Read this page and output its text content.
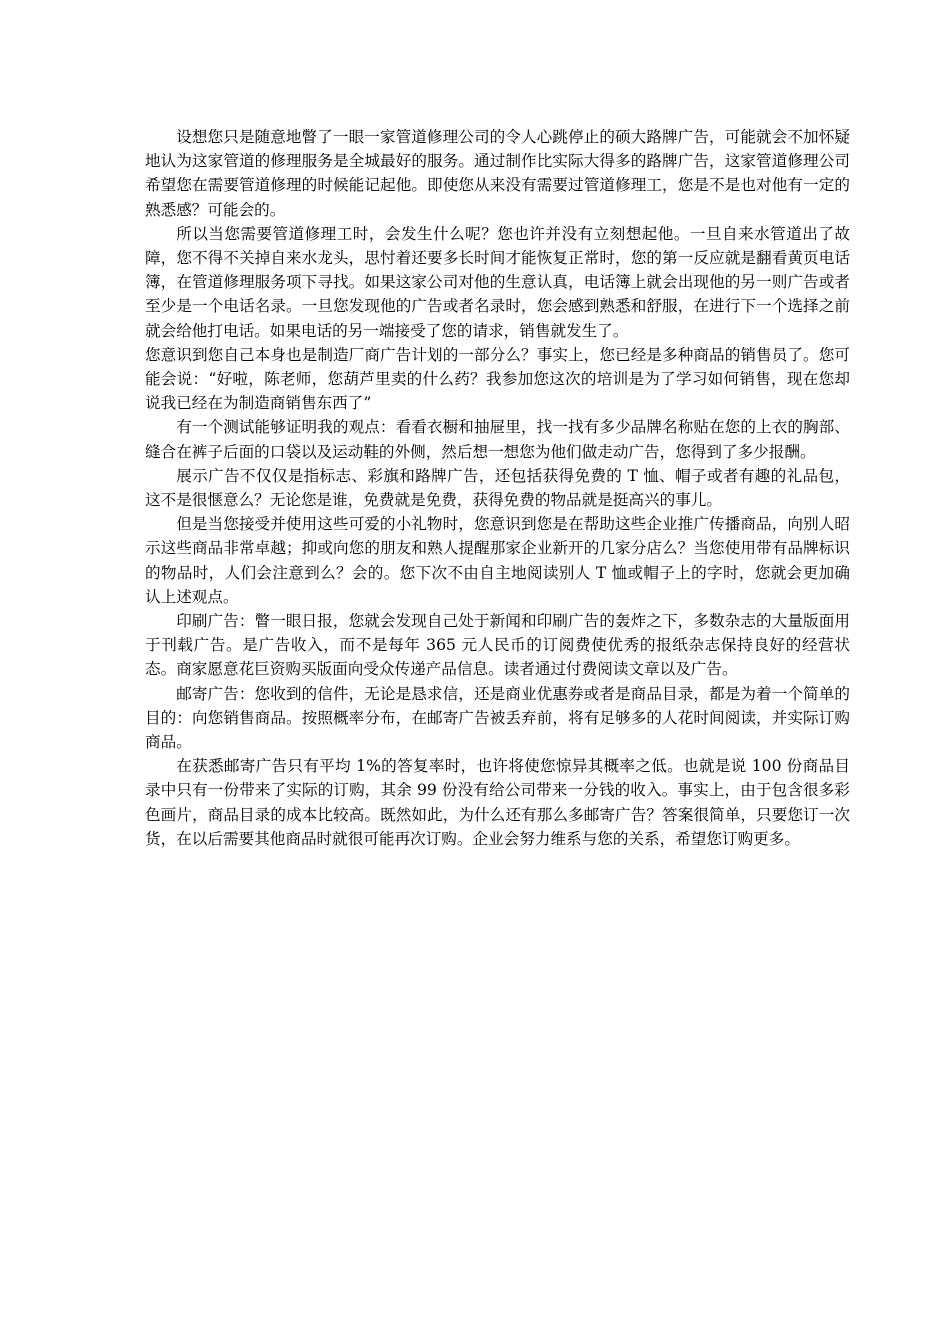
设想您只是随意地瞥了一眼一家管道修理公司的令人心跳停止的硕大路牌广告，可能就会不加怀疑地认为这家管道的修理服务是全城最好的服务。通过制作比实际大得多的路牌广告，这家管道修理公司希望您在需要管道修理的时候能记起他。即使您从来没有需要过管道修理工，您是不是也对他有一定的熟悉感？可能会的。

所以当您需要管道修理工时，会发生什么呢？您也许并没有立刻想起他。一旦自来水管道出了故障，您不得不关掉自来水龙头，思忖着还要多长时间才能恢复正常时，您的第一反应就是翻看黄页电话簿，在管道修理服务项下寻找。如果这家公司对他的生意认真，电话簿上就会出现他的另一则广告或者至少是一个电话名录。一旦您发现他的广告或者名录时，您会感到熟悉和舒服，在进行下一个选择之前就会给他打电话。如果电话的另一端接受了您的请求，销售就发生了。

您意识到您自己本身也是制造厂商广告计划的一部分么？事实上，您已经是多种商品的销售员了。您可能会说：“好啦，陈老师，您葫芦里卖的什么药？我参加您这次的培训是为了学习如何销售，现在您却说我已经在为制造商销售东西了”

有一个测试能够证明我的观点：看看衣橱和抽屉里，找一找有多少品牌名称贴在您的上衣的胸部、缝合在裤子后面的口袋以及运动鞋的外侧，然后想一想您为他们做走动广告，您得到了多少报酬。

展示广告不仅仅是指标志、彩旗和路牌广告，还包括获得免费的 T 恤、帽子或者有趣的礼品包，这不是很惬意么？无论您是谁，免费就是免费，获得免费的物品就是挺高兴的事儿。

但是当您接受并使用这些可爱的小礼物时，您意识到您是在帮助这些企业推广传播商品，向别人昭示这些商品非常卓越；抑或向您的朋友和熟人提醒那家企业新开的几家分店么？当您使用带有品牌标识的物品时，人们会注意到么？会的。您下次不由自主地阅读别人 T 恤或帽子上的字时，您就会更加确认上述观点。

印刷广告：瞥一眼日报，您就会发现自己处于新闻和印刷广告的轰炸之下，多数杂志的大量版面用于刊载广告。是广告收入，而不是每年 365 元人民币的订阅费使优秀的报纸杂志保持良好的经营状态。商家愿意花巨资购买版面向受众传递产品信息。读者通过付费阅读文章以及广告。

邮寄广告：您收到的信件，无论是恳求信，还是商业优惠券或者是商品目录，都是为着一个简单的目的：向您销售商品。按照概率分布，在邮寄广告被丢弃前，将有足够多的人花时间阅读，并实际订购商品。

在获悉邮寄广告只有平均 1%的答复率时，也许将使您惊异其概率之低。也就是说 100 份商品目录中只有一份带来了实际的订购，其余 99 份没有给公司带来一分钱的收入。事实上，由于包含很多彩色画片，商品目录的成本比较高。既然如此，为什么还有那么多邮寄广告？答案很简单，只要您订一次货，在以后需要其他商品时就很可能再次订购。企业会努力维系与您的关系，希望您订购更多。
